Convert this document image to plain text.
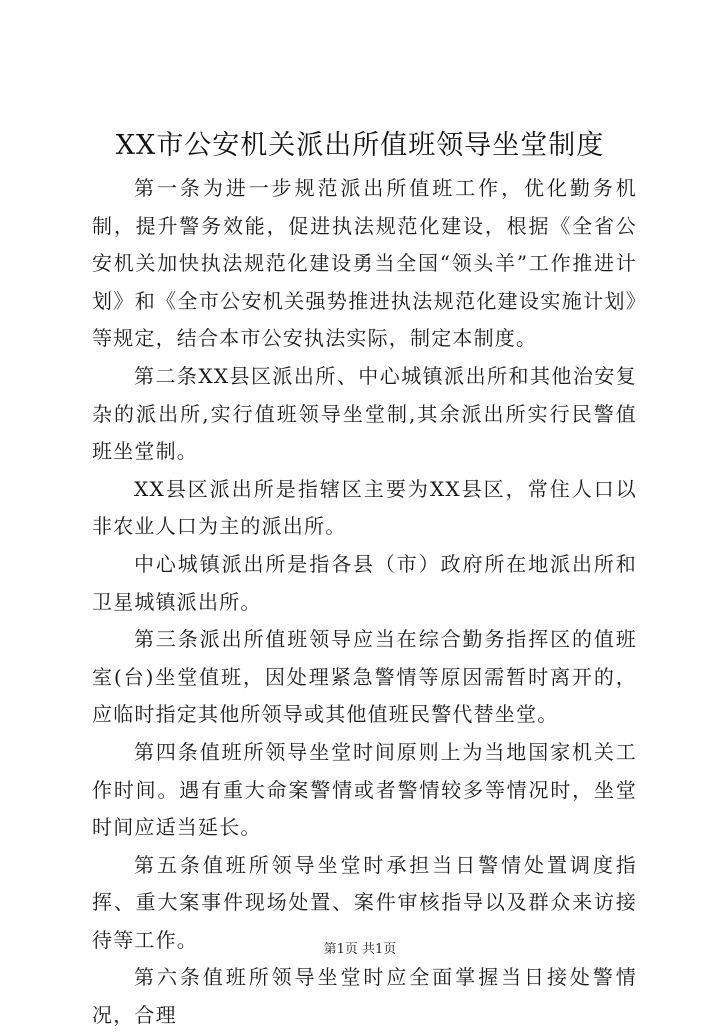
XX市公安机关派出所值班领导坐堂制度

第一条为进一步规范派出所值班工作，优化勤务机制，提升警务效能，促进执法规范化建设，根据《全省公安机关加快执法规范化建设勇当全国“领头羊”工作推进计划》和《全市公安机关强势推进执法规范化建设实施计划》等规定，结合本市公安执法实际，制定本制度。

第二条XX县区派出所、中心城镇派出所和其他治安复杂的派出所,实行值班领导坐堂制,其余派出所实行民警值班坐堂制。

XX县区派出所是指辖区主要为XX县区，常住人口以非农业人口为主的派出所。

中心城镇派出所是指各县（市）政府所在地派出所和卫星城镇派出所。

第三条派出所值班领导应当在综合勤务指挥区的值班室(台)坐堂值班，因处理紧急警情等原因需暂时离开的，应临时指定其他所领导或其他值班民警代替坐堂。

第四条值班所领导坐堂时间原则上为当地国家机关工作时间。遇有重大命案警情或者警情较多等情况时，坐堂时间应适当延长。

第五条值班所领导坐堂时承担当日警情处置调度指挥、重大案事件现场处置、案件审核指导以及群众来访接待等工作。

第六条值班所领导坐堂时应全面掌握当日接处警情况，合理

第1页 共1页
